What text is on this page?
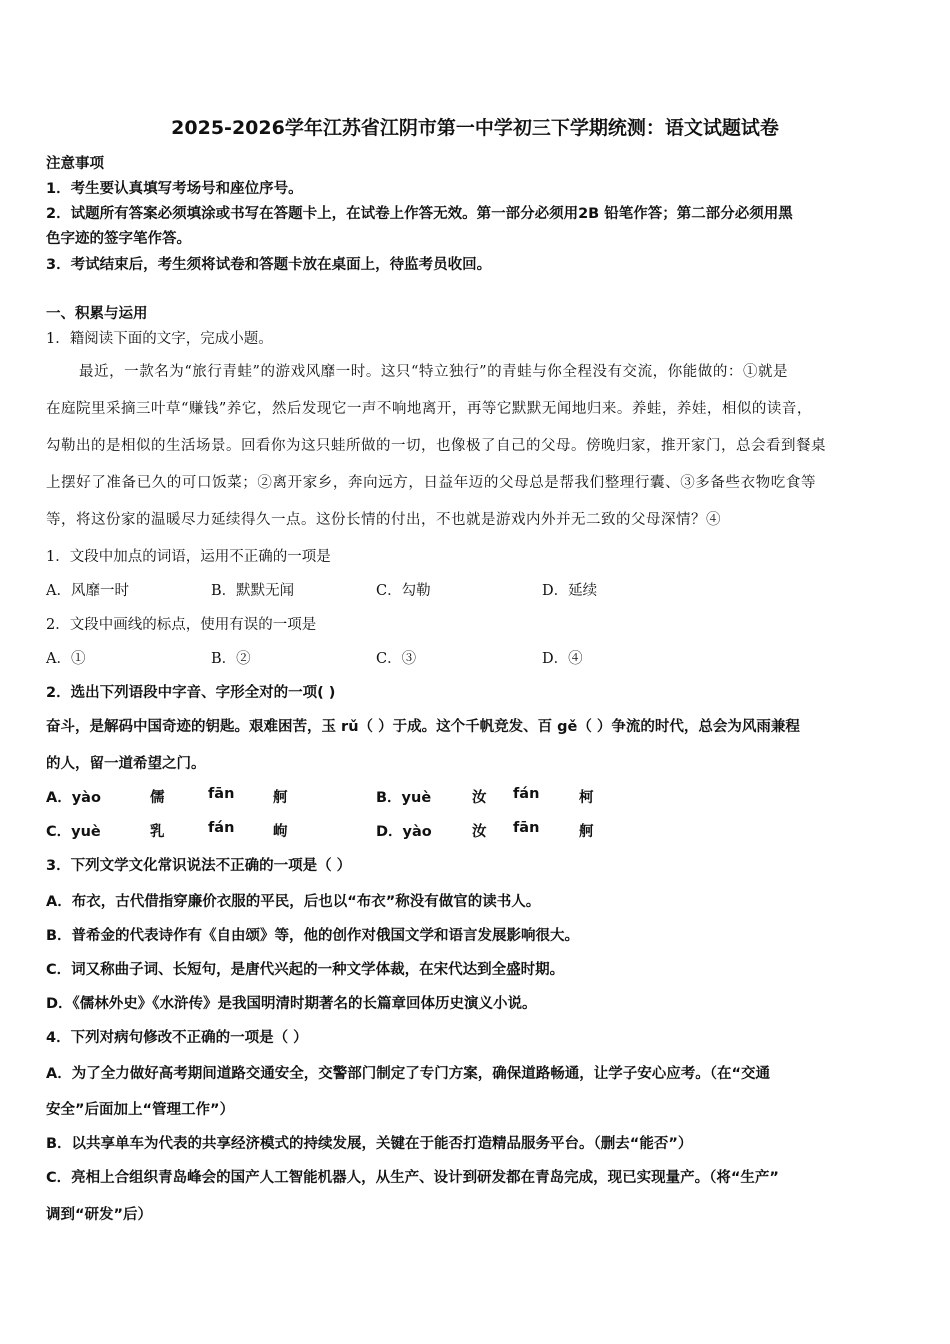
2025-2026学年江苏省江阴市第一中学初三下学期统测：语文试题试卷
注意事项
1．考生要认真填写考场号和座位序号。
2．试题所有答案必须填涂或书写在答题卡上，在试卷上作答无效。第一部分必须用2B 铅笔作答；第二部分必须用黑
色字迹的签字笔作答。
3．考试结束后，考生须将试卷和答题卡放在桌面上，待监考员收回。
一、积累与运用
1．籍阅读下面的文字，完成小题。
最近，一款名为“旅行青蛙”的游戏风靡一时。这只“特立独行”的青蛙与你全程没有交流，你能做的：①就是
在庭院里采摘三叶草“赚钱”养它，然后发现它一声不响地离开，再等它默默无闻地归来。养蛙，养娃，相似的读音，
勾勒出的是相似的生活场景。回看你为这只蛙所做的一切，也像极了自己的父母。傍晚归家，推开家门，总会看到餐桌
上摆好了准备已久的可口饭菜；②离开家乡，奔向远方，日益年迈的父母总是帮我们整理行囊、③多备些衣物吃食等
等，将这份家的温暖尽力延续得久一点。这份长情的付出，不也就是游戏内外并无二致的父母深情？④
1．文段中加点的词语，运用不正确的一项是
A．风靡一时	B．默默无闻	C．勾勒	D．延续
2．文段中画线的标点，使用有误的一项是
A．①	B．②	C．③	D．④
2．选出下列语段中字音、字形全对的一项( )
奋斗，是解码中国奇迹的钥匙。艰难困苦，玉 rǔ（ ）于成。这个千帆竞发、百 gě（ ）争流的时代，总会为风雨兼程
的人，留一道希望之门。
A．yào	儒	fān	舸	B．yuè	汝 fán	柯
C．yuè	乳	fán	岣	D．yào	汝 fān	舸
3．下列文学文化常识说法不正确的一项是（ ）
A．布衣，古代借指穿廉价衣服的平民，后也以“布衣”称没有做官的读书人。
B．普希金的代表诗作有《自由颂》等，他的创作对俄国文学和语言发展影响很大。
C．词又称曲子词、长短句，是唐代兴起的一种文学体裁，在宋代达到全盛时期。
D．《儒林外史》《水浒传》是我国明清时期著名的长篇章回体历史演义小说。
4．下列对病句修改不正确的一项是（ ）
A．为了全力做好高考期间道路交通安全，交警部门制定了专门方案，确保道路畅通，让学子安心应考。（在“交通
安全”后面加上“管理工作”）
B．以共享单车为代表的共享经济模式的持续发展，关键在于能否打造精品服务平台。（删去“能否”）
C．亮相上合组织青岛峰会的国产人工智能机器人，从生产、设计到研发都在青岛完成，现已实现量产。（将“生产”
调到“研发”后）
